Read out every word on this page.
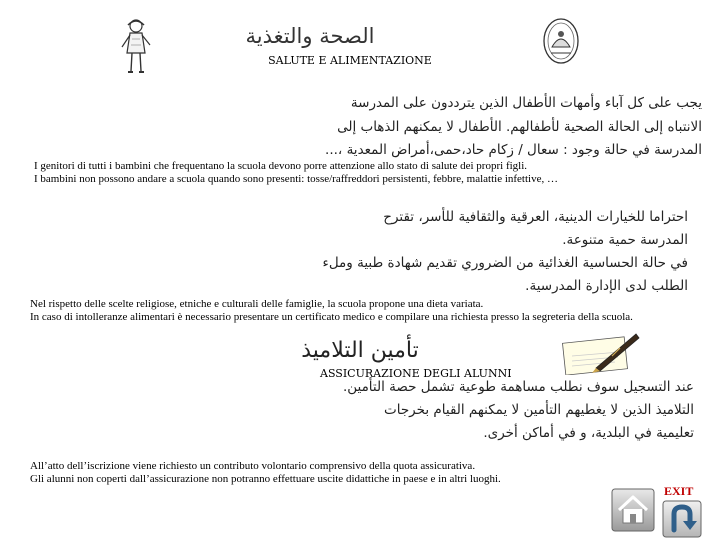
الصحة والتغذية
SALUTE E ALIMENTAZIONE
يجب على كل آباء وأمهات الأطفال الذين يترددون على المدرسة
الانتباه إلى الحالة الصحية لأطفالهم. الأطفال لا يمكنهم الذهاب إلى
المدرسة في حالة وجود : سعال / زكام حاد،حمى،أمراض المعدية ،...
I genitori di tutti i bambini che frequentano la scuola devono porre attenzione allo stato di salute dei propri figli.
I bambini non possono andare a scuola quando sono presenti: tosse/raffreddori persistenti, febbre, malattie infettive, …
احتراما للخيارات الدينية، العرقية والثقافية للأسر، تقترح
المدرسة حمية متنوعة.
في حالة الحساسية الغذائية من الضروري تقديم شهادة طبية وملء
الطلب لدى الإدارة المدرسية.
Nel rispetto delle scelte religiose, etniche e culturali delle famiglie, la scuola propone una dieta variata.
In caso di intolleranze alimentari è necessario presentare un certificato medico e compilare una richiesta presso la segreteria della scuola.
تأمين التلاميذ
ASSICURAZIONE DEGLI ALUNNI
عند التسجيل سوف نطلب مساهمة طوعية تشمل حصة التأمين.
التلاميذ الذين لا يغطيهم التأمين لا يمكنهم القيام بخرجات
تعليمية في البلدية، و في أماكن أخرى.
All’atto dell’iscrizione viene richiesto un contributo volontario comprensivo della quota assicurativa.
Gli alunni non coperti dall’assicurazione non potranno effettuare uscite didattiche in paese e in altri luoghi.
EXIT
